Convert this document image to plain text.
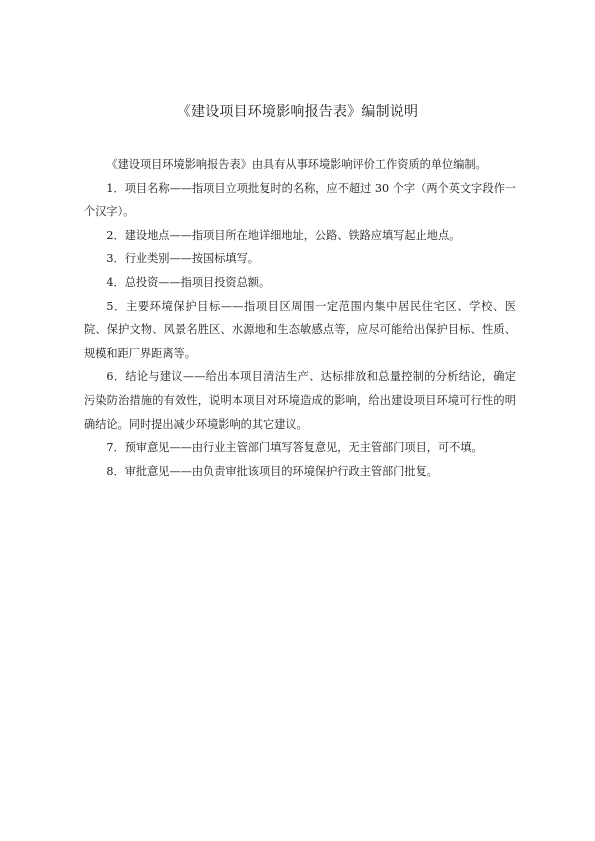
《建设项目环境影响报告表》编制说明

《建设项目环境影响报告表》由具有从事环境影响评价工作资质的单位编制。

1．项目名称——指项目立项批复时的名称，应不超过 30 个字（两个英文字段作一个汉字）。

2．建设地点——指项目所在地详细地址，公路、铁路应填写起止地点。

3．行业类别——按国标填写。

4．总投资——指项目投资总额。

5．主要环境保护目标——指项目区周围一定范围内集中居民住宅区、学校、医院、保护文物、风景名胜区、水源地和生态敏感点等，应尽可能给出保护目标、性质、规模和距厂界距离等。

6．结论与建议——给出本项目清洁生产、达标排放和总量控制的分析结论，确定污染防治措施的有效性，说明本项目对环境造成的影响，给出建设项目环境可行性的明确结论。同时提出减少环境影响的其它建议。

7．预审意见——由行业主管部门填写答复意见，无主管部门项目，可不填。

8．审批意见——由负责审批该项目的环境保护行政主管部门批复。
